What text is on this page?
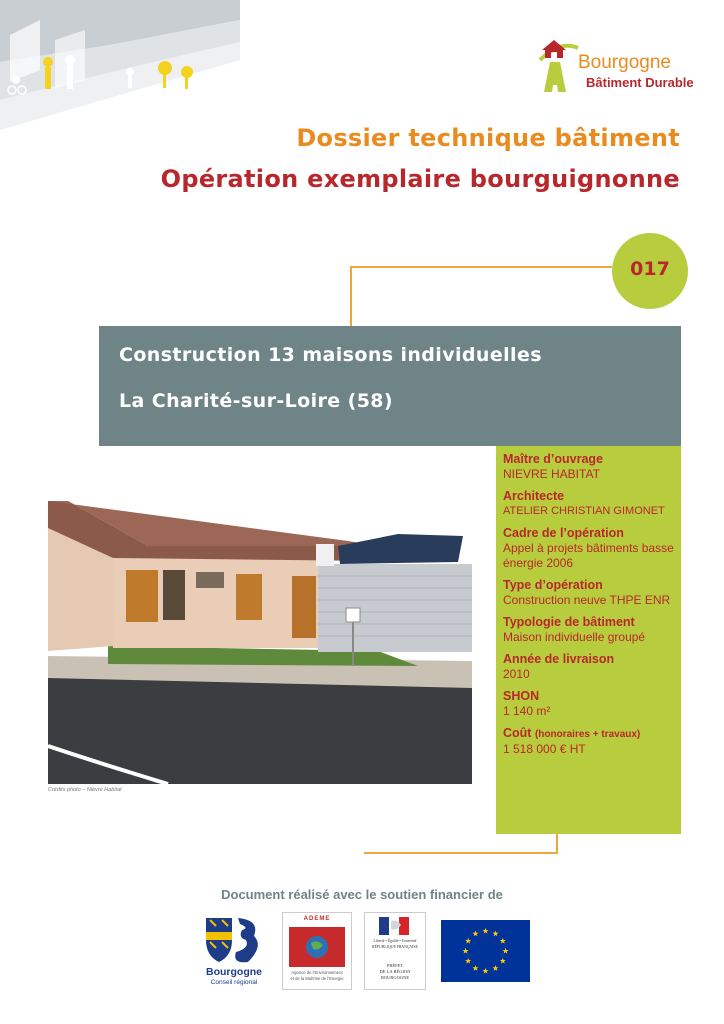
Bourgogne
Bâtiment Durable
Dossier technique bâtiment
Opération exemplaire bourguignonne
017
Construction 13 maisons individuelles
La Charité-sur-Loire (58)
Crédits photo – Nièvre Habitat
Maître d’ouvrage
NIEVRE HABITAT
Architecte
ATELIER CHRISTIAN GIMONET
Cadre de l’opération
Appel à projets bâtiments basse énergie 2006
Type d’opération
Construction neuve THPE ENR
Typologie de bâtiment
Maison individuelle groupé
Année de livraison
2010
SHON
1 140 m²
Coût (honoraires + travaux)
1 518 000 € HT
Document réalisé avec le soutien financier de
Bourgogne
Conseil régional
ADEME
Agence de l’Environnement
et de la Maîtrise de l’Energie
Liberté • Égalité • Fraternité
RÉPUBLIQUE FRANÇAISE
PRÉFET
DE LA RÉGION
BOURGOGNE
